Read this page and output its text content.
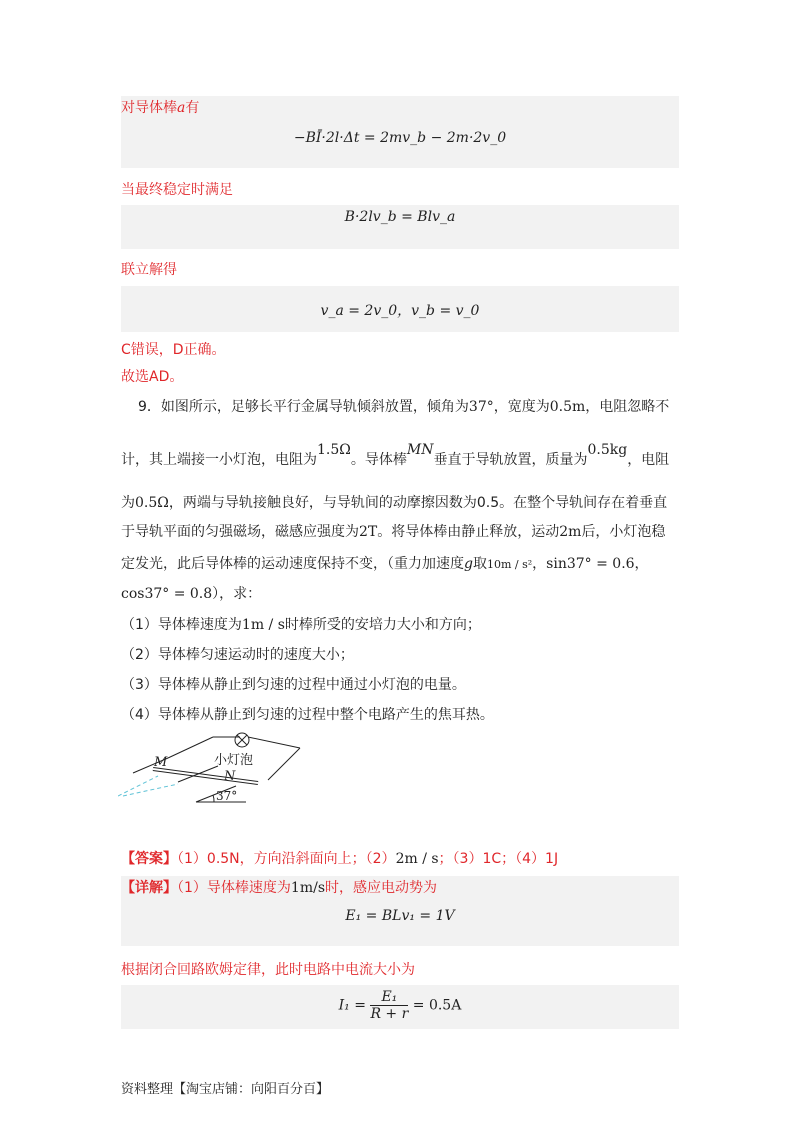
−BĪ·2l·Δt = 2mv_b − 2m·2v_0
对导体棒a有
当最终稳定时满足
B·2lv_b = Blv_a
联立解得
v_a = 2v_0，v_b = v_0
C错误，D正确。
故选AD。
9．如图所示，足够长平行金属导轨倾斜放置，倾角为37°，宽度为0.5m，电阻忽略不
计，其上端接一小灯泡，电阻为1.5Ω。导体棒MN垂直于导轨放置，质量为0.5kg，电阻
为0.5Ω，两端与导轨接触良好，与导轨间的动摩擦因数为0.5。在整个导轨间存在着垂直
于导轨平面的匀强磁场，磁感应强度为2T。将导体棒由静止释放，运动2m后，小灯泡稳
定发光，此后导体棒的运动速度保持不变，（重力加速度g取10m / s²，sin37° = 0.6，
cos37° = 0.8），求：
（1）导体棒速度为1m / s时棒所受的安培力大小和方向；
（2）导体棒匀速运动时的速度大小；
（3）导体棒从静止到匀速的过程中通过小灯泡的电量。
（4）导体棒从静止到匀速的过程中整个电路产生的焦耳热。
M
N
小灯泡
37°
【答案】（1）0.5N，方向沿斜面向上；（2）2m / s；（3）1C；（4）1J
E₁ = BLv₁ = 1V
【详解】（1）导体棒速度为1m/s时，感应电动势为
根据闭合回路欧姆定律，此时电路中电流大小为
$I_1 = \frac{\text{E₁}}{R + r} = 0.5A$
资料整理【淘宝店铺：向阳百分百】
